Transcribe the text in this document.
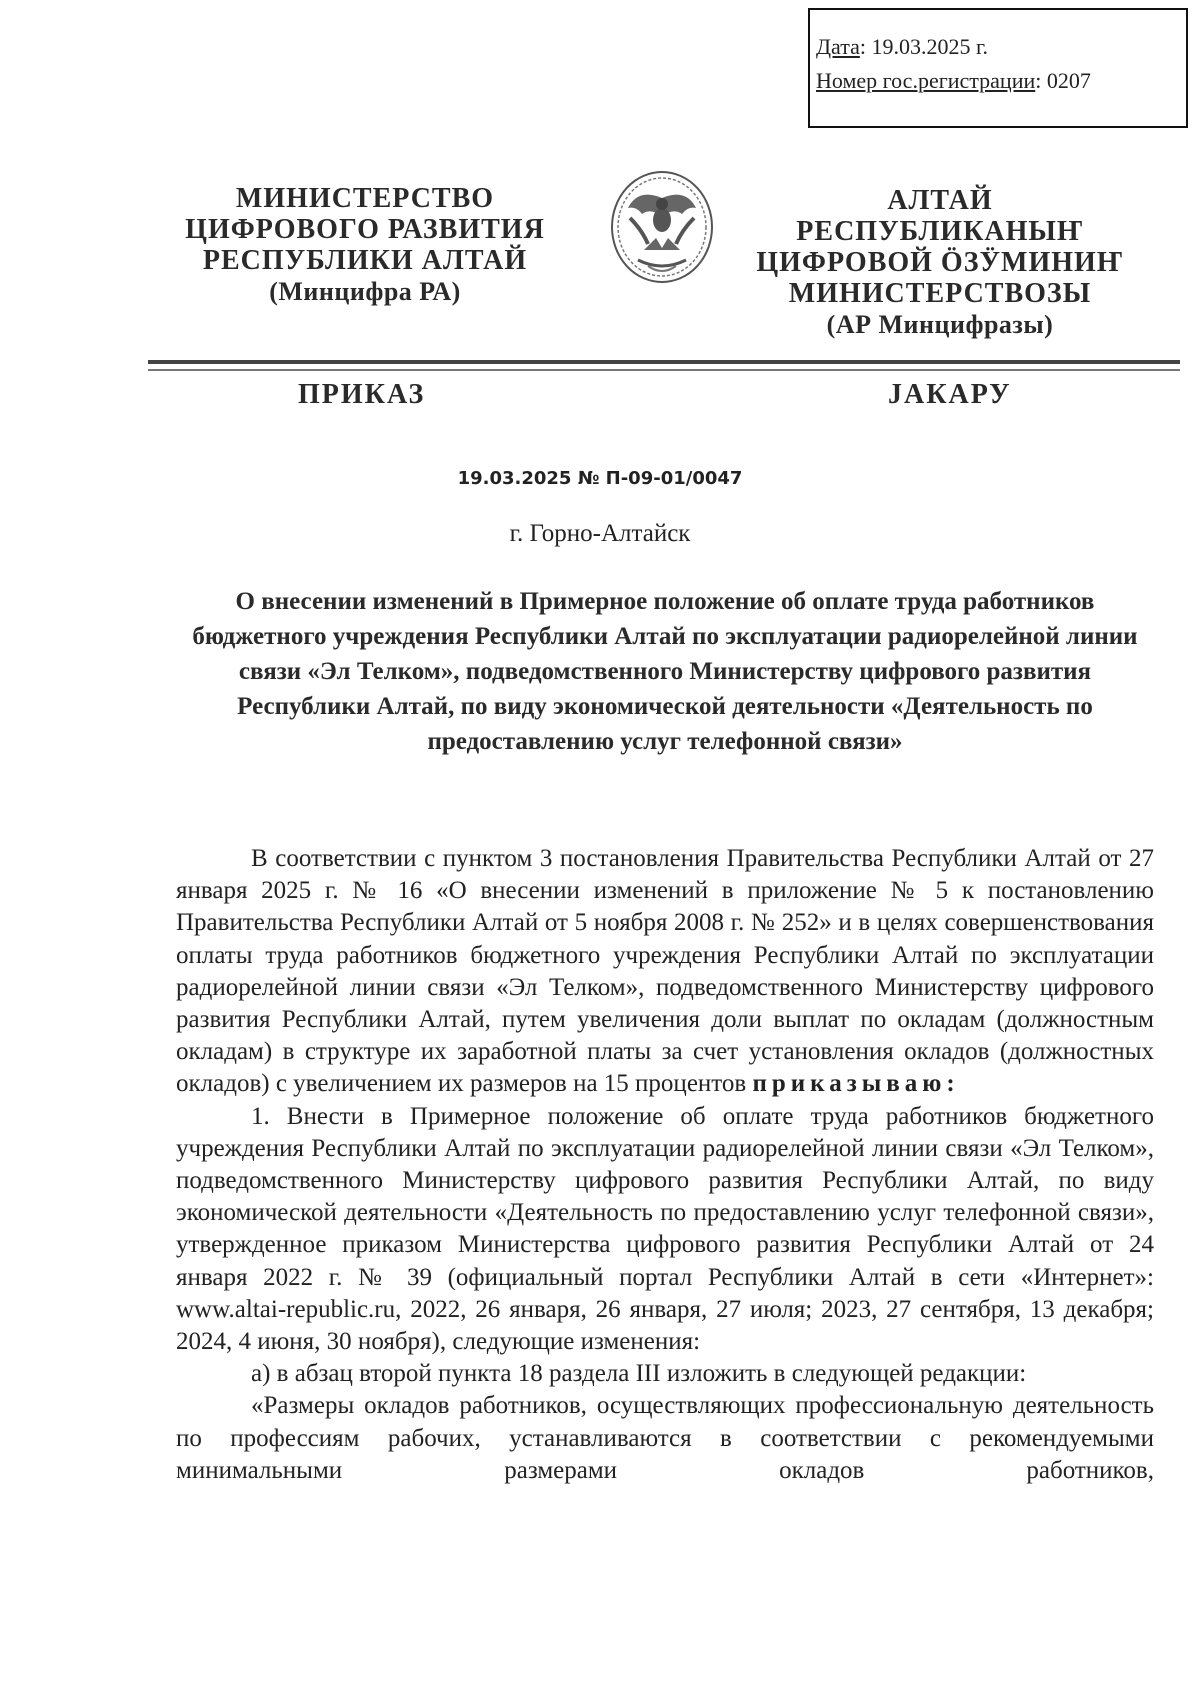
Дата: 19.03.2025 г.
Номер гос.регистрации: 0207
МИНИСТЕРСТВО
ЦИФРОВОГО РАЗВИТИЯ
РЕСПУБЛИКИ АЛТАЙ
(Минцифра РА)
АЛТАЙ
РЕСПУБЛИКАНЫҤ
ЦИФРОВОЙ ӦЗӰМИНИҤ
МИНИСТЕРСТВОЗЫ
(АР Минцифразы)
ПРИКАЗ	JАКАРУ
19.03.2025 № П-09-01/0047
г. Горно-Алтайск

О внесении изменений в Примерное положение об оплате труда работников бюджетного учреждения Республики Алтай по эксплуатации радиорелейной линии связи «Эл Телком», подведомственного Министерству цифрового развития Республики Алтай, по виду экономической деятельности «Деятельность по предоставлению услуг телефонной связи»

В соответствии с пунктом 3 постановления Правительства Республики Алтай от 27 января 2025 г. № 16 «О внесении изменений в приложение № 5 к постановлению Правительства Республики Алтай от 5 ноября 2008 г. № 252» и в целях совершенствования оплаты труда работников бюджетного учреждения Республики Алтай по эксплуатации радиорелейной линии связи «Эл Телком», подведомственного Министерству цифрового развития Республики Алтай, путем увеличения доли выплат по окладам (должностным окладам) в структуре их заработной платы за счет установления окладов (должностных окладов) с увеличением их размеров на 15 процентов приказываю:

1. Внести в Примерное положение об оплате труда работников бюджетного учреждения Республики Алтай по эксплуатации радиорелейной линии связи «Эл Телком», подведомственного Министерству цифрового развития Республики Алтай, по виду экономической деятельности «Деятельность по предоставлению услуг телефонной связи», утвержденное приказом Министерства цифрового развития Республики Алтай от 24 января 2022 г. № 39 (официальный портал Республики Алтай в сети «Интернет»: www.altai-republic.ru, 2022, 26 января, 26 января, 27 июля; 2023, 27 сентября, 13 декабря; 2024, 4 июня, 30 ноября), следующие изменения:

а) в абзац второй пункта 18 раздела III изложить в следующей редакции:

«Размеры окладов работников, осуществляющих профессиональную деятельность по профессиям рабочих, устанавливаются в соответствии с рекомендуемыми минимальными размерами окладов работников,
